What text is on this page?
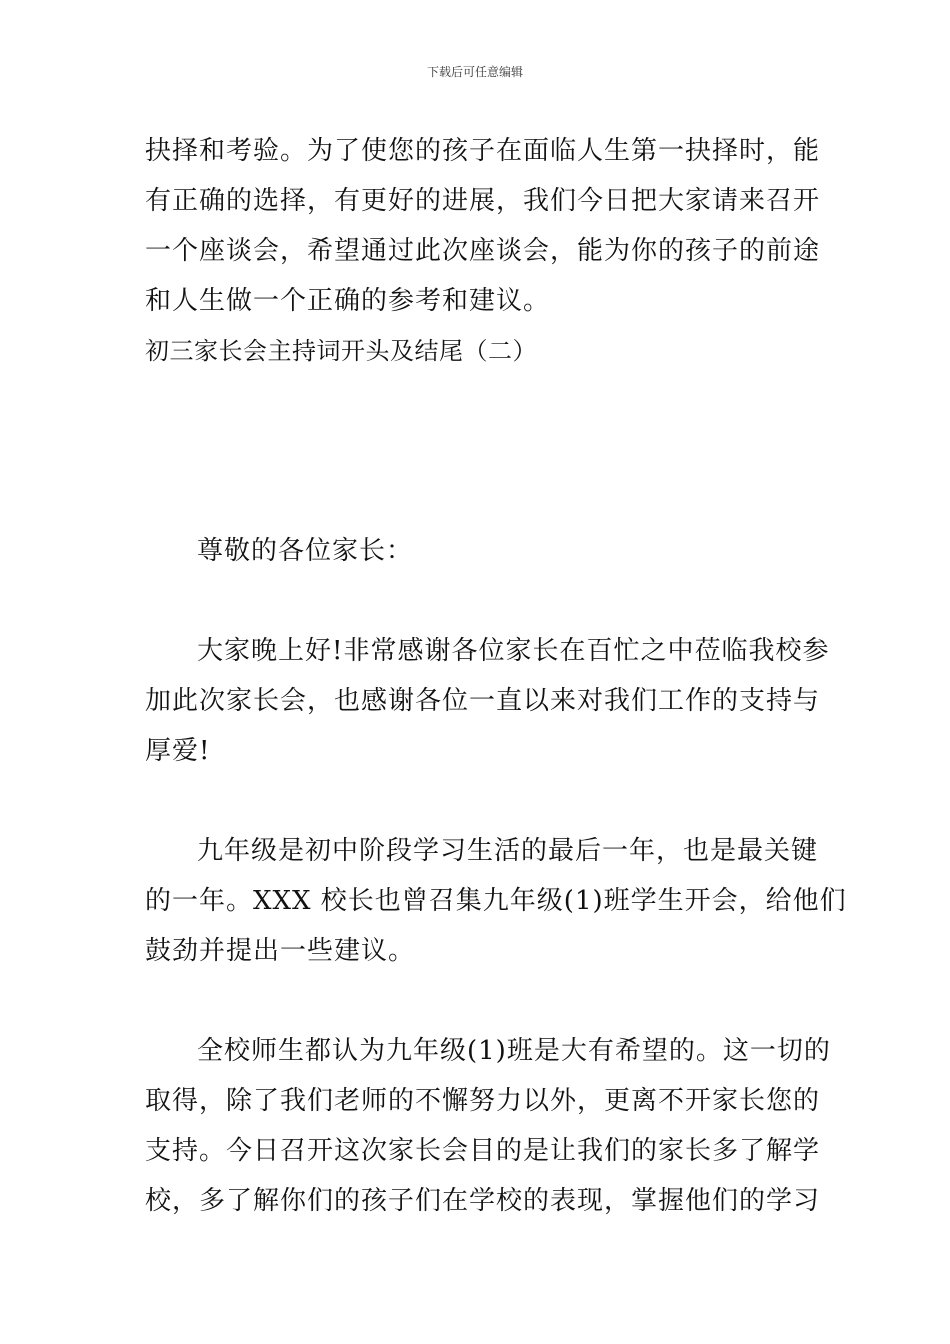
下载后可任意编辑
抉择和考验。为了使您的孩子在面临人生第一抉择时，能
有正确的选择，有更好的进展，我们今日把大家请来召开
一个座谈会，希望通过此次座谈会，能为你的孩子的前途
和人生做一个正确的参考和建议。
初三家长会主持词开头及结尾（二）
尊敬的各位家长：
大家晚上好!非常感谢各位家长在百忙之中莅临我校参
加此次家长会，也感谢各位一直以来对我们工作的支持与
厚爱!
九年级是初中阶段学习生活的最后一年，也是最关键
的一年。XXX 校长也曾召集九年级(1)班学生开会，给他们
鼓劲并提出一些建议。
全校师生都认为九年级(1)班是大有希望的。这一切的
取得，除了我们老师的不懈努力以外，更离不开家长您的
支持。今日召开这次家长会目的是让我们的家长多了解学
校，多了解你们的孩子们在学校的表现，掌握他们的学习
